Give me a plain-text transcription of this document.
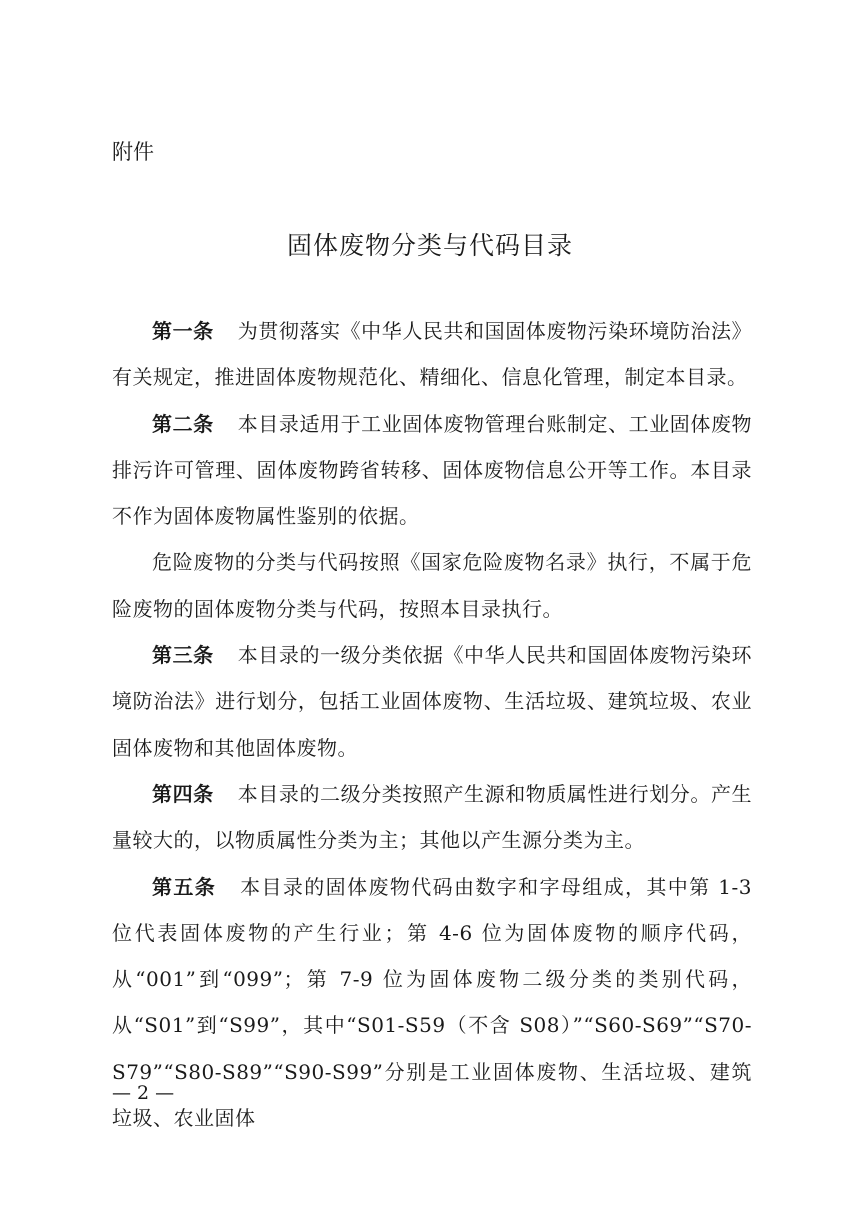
附件
固体废物分类与代码目录

第一条 为贯彻落实《中华人民共和国固体废物污染环境防治法》有关规定，推进固体废物规范化、精细化、信息化管理，制定本目录。

第二条 本目录适用于工业固体废物管理台账制定、工业固体废物排污许可管理、固体废物跨省转移、固体废物信息公开等工作。本目录不作为固体废物属性鉴别的依据。

危险废物的分类与代码按照《国家危险废物名录》执行，不属于危险废物的固体废物分类与代码，按照本目录执行。

第三条 本目录的一级分类依据《中华人民共和国固体废物污染环境防治法》进行划分，包括工业固体废物、生活垃圾、建筑垃圾、农业固体废物和其他固体废物。

第四条 本目录的二级分类按照产生源和物质属性进行划分。产生量较大的，以物质属性分类为主；其他以产生源分类为主。

第五条 本目录的固体废物代码由数字和字母组成，其中第 1-3 位代表固体废物的产生行业；第 4-6 位为固体废物的顺序代码，从“001”到“099”；第 7-9 位为固体废物二级分类的类别代码，从“S01”到“S99”，其中“S01-S59（不含 S08）”“S60-S69”“S70-S79”“S80-S89”“S90-S99”分别是工业固体废物、生活垃圾、建筑垃圾、农业固体

— 2 —
